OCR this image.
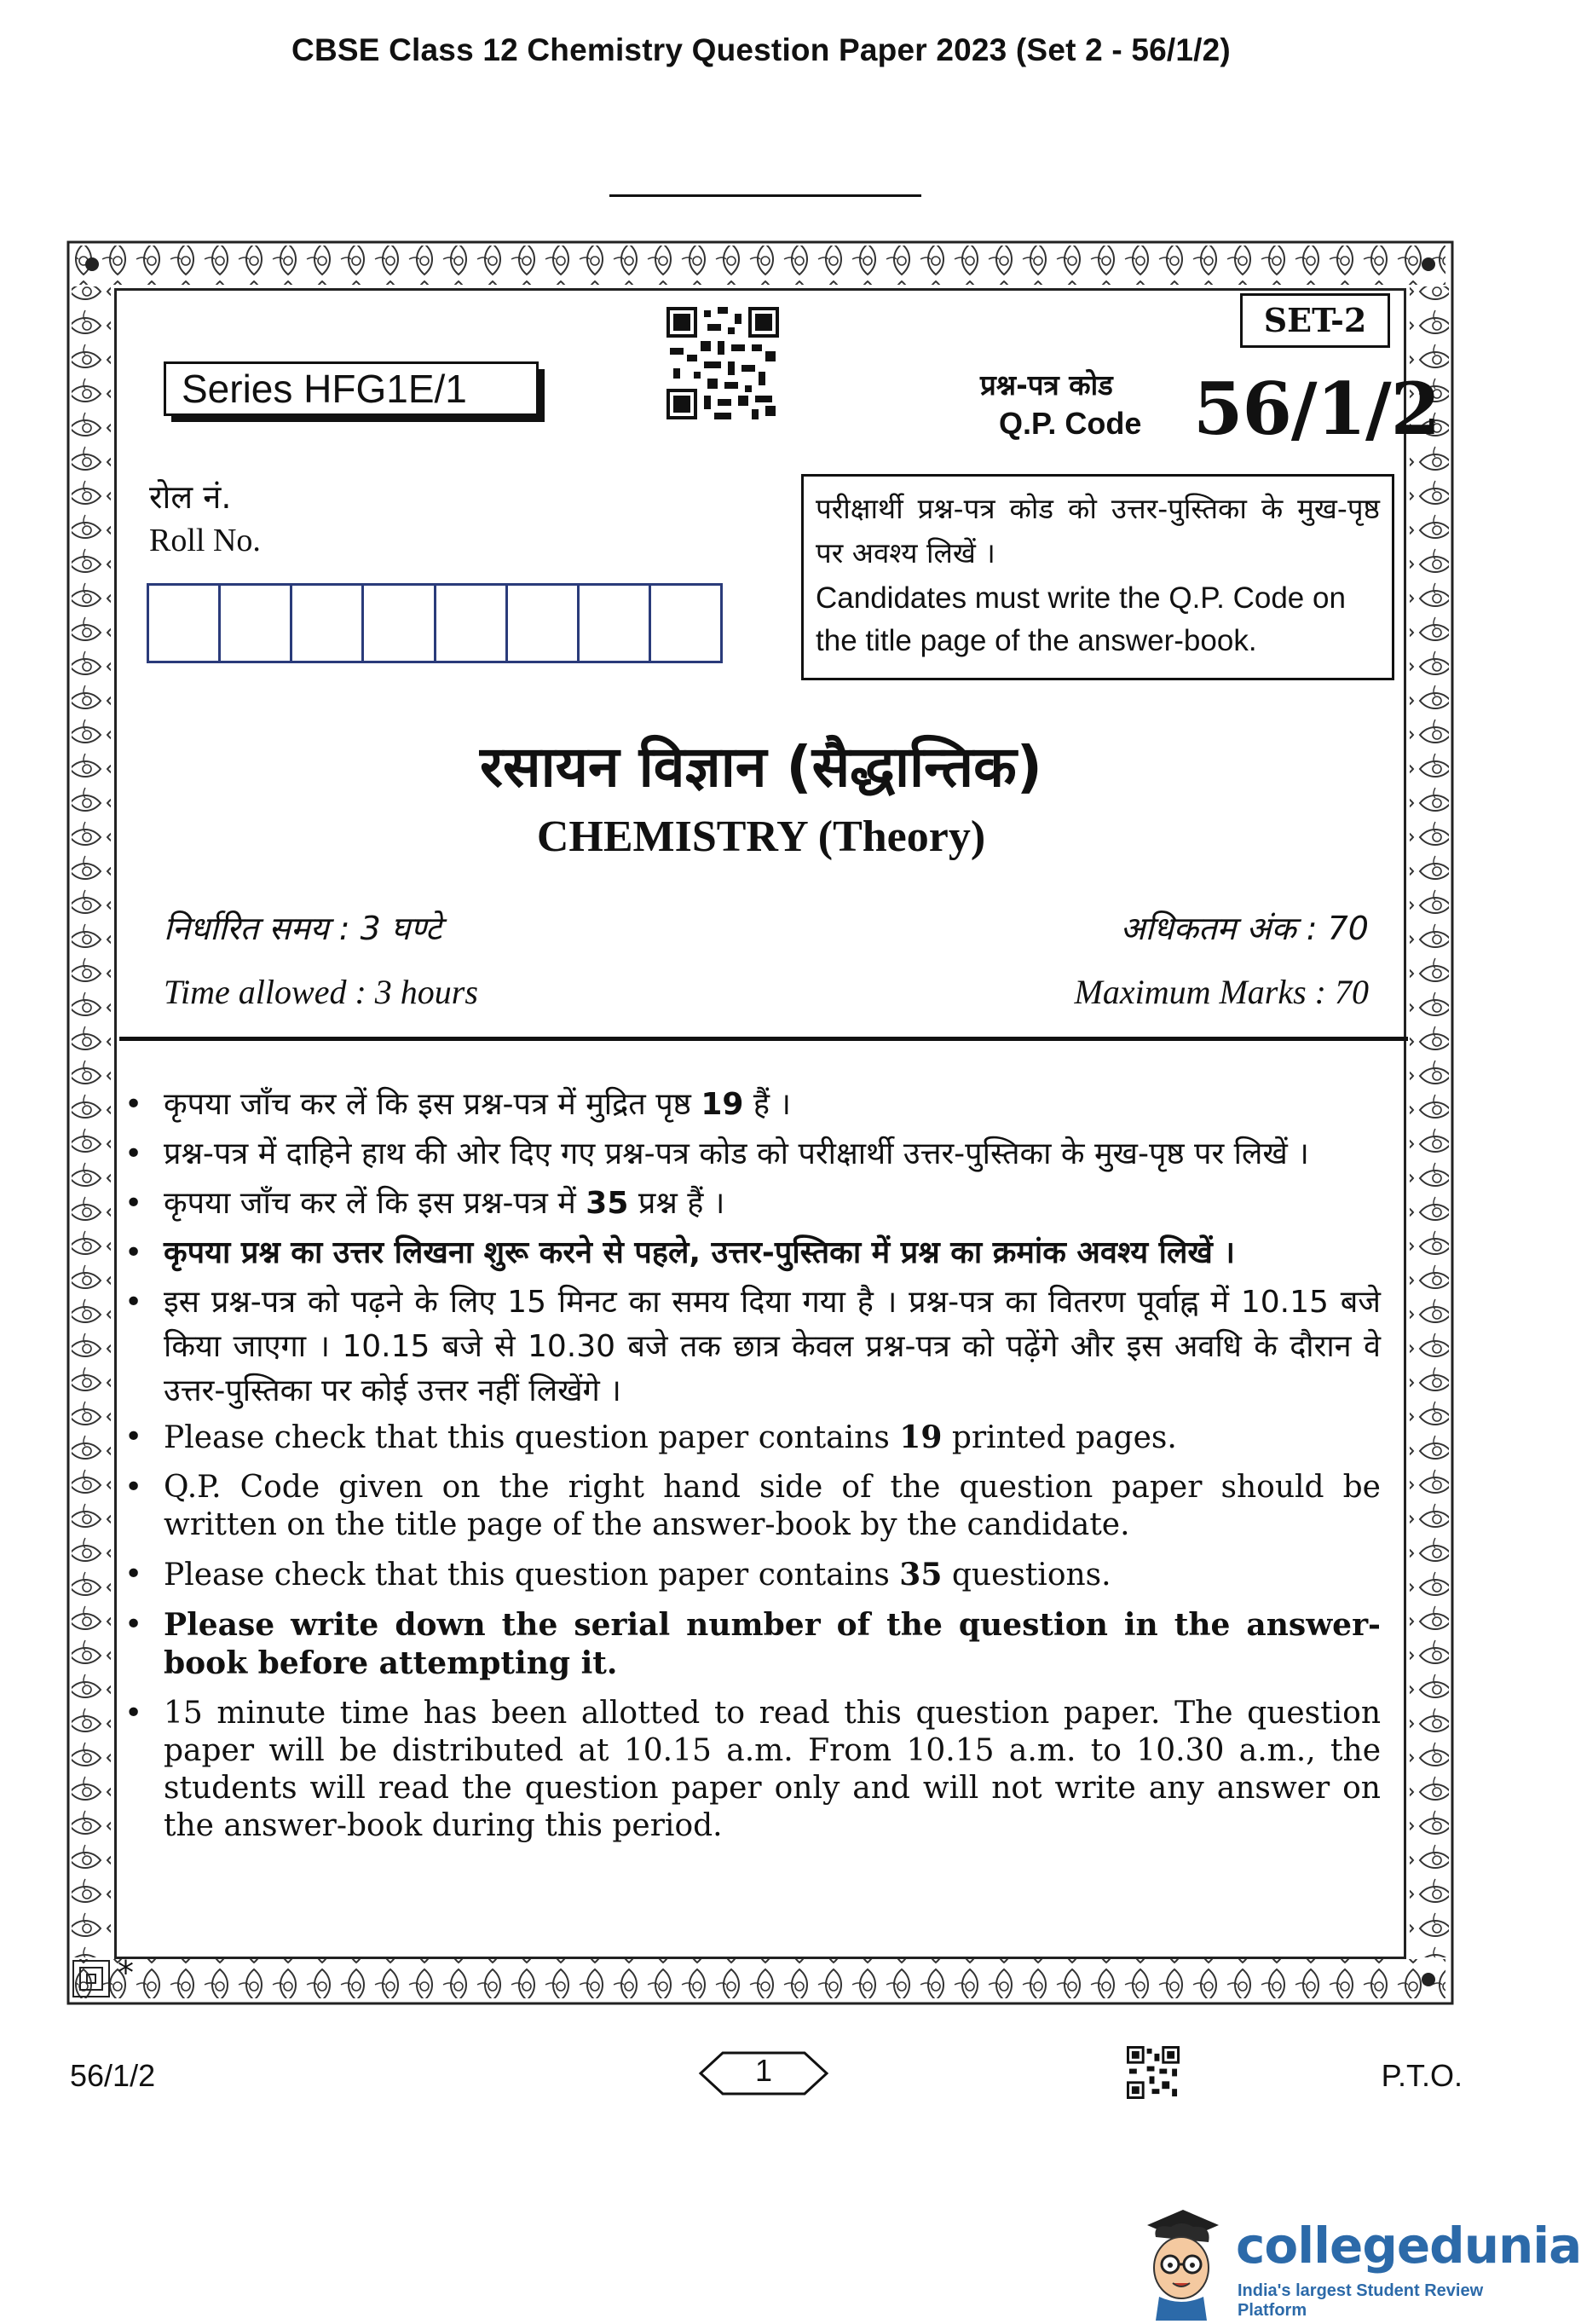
CBSE Class 12 Chemistry Question Paper 2023 (Set 2 - 56/1/2)
Series HFG1E/1
SET-2
प्रश्न-पत्र कोड
Q.P. Code 56/1/2
रोल नं.
Roll No.
परीक्षार्थी प्रश्न-पत्र कोड को उत्तर-पुस्तिका के मुख-पृष्ठ पर अवश्य लिखें ।
Candidates must write the Q.P. Code on the title page of the answer-book.
रसायन विज्ञान (सैद्धान्तिक)
CHEMISTRY (Theory)
निर्धारित समय : 3 घण्टे	अधिकतम अंक : 70
Time allowed : 3 hours	Maximum Marks : 70
• कृपया जाँच कर लें कि इस प्रश्न-पत्र में मुद्रित पृष्ठ 19 हैं ।
• प्रश्न-पत्र में दाहिने हाथ की ओर दिए गए प्रश्न-पत्र कोड को परीक्षार्थी उत्तर-पुस्तिका के मुख-पृष्ठ पर लिखें ।
• कृपया जाँच कर लें कि इस प्रश्न-पत्र में 35 प्रश्न हैं ।
• कृपया प्रश्न का उत्तर लिखना शुरू करने से पहले, उत्तर-पुस्तिका में प्रश्न का क्रमांक अवश्य लिखें ।
• इस प्रश्न-पत्र को पढ़ने के लिए 15 मिनट का समय दिया गया है । प्रश्न-पत्र का वितरण पूर्वाह्न में 10.15 बजे किया जाएगा । 10.15 बजे से 10.30 बजे तक छात्र केवल प्रश्न-पत्र को पढ़ेंगे और इस अवधि के दौरान वे उत्तर-पुस्तिका पर कोई उत्तर नहीं लिखेंगे ।
• Please check that this question paper contains 19 printed pages.
• Q.P. Code given on the right hand side of the question paper should be written on the title page of the answer-book by the candidate.
• Please check that this question paper contains 35 questions.
• Please write down the serial number of the question in the answer-book before attempting it.
• 15 minute time has been allotted to read this question paper. The question paper will be distributed at 10.15 a.m. From 10.15 a.m. to 10.30 a.m., the students will read the question paper only and will not write any answer on the answer-book during this period.
*
56/1/2	1	P.T.O.
collegedunia
India's largest Student Review Platform
